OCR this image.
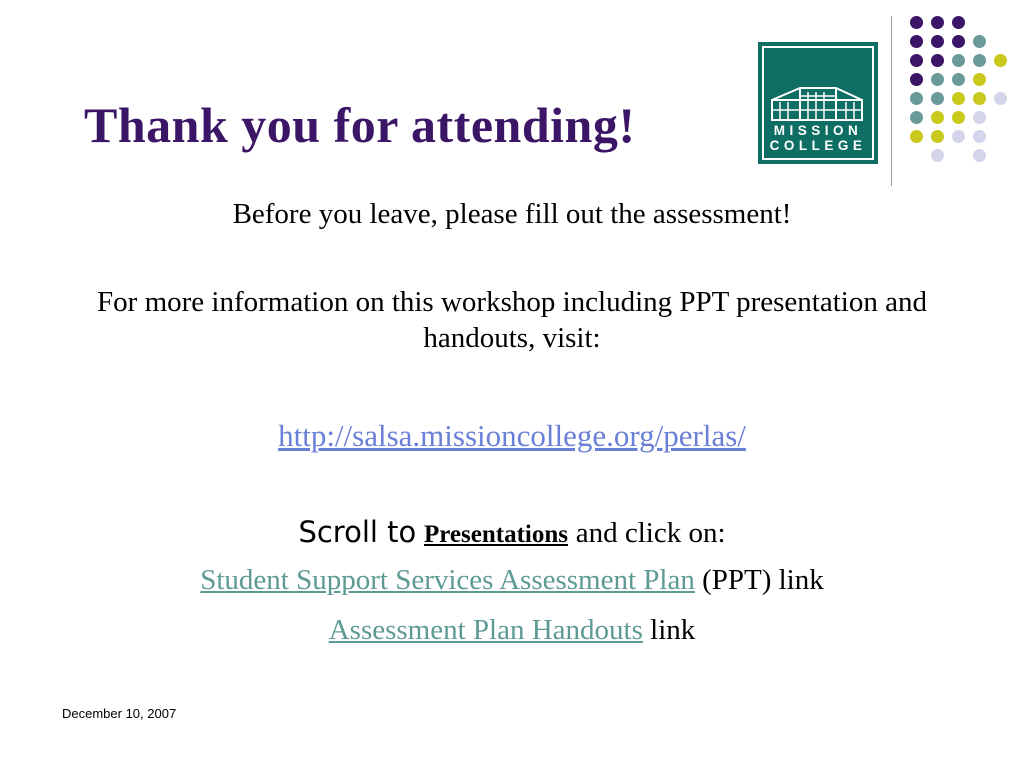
Thank you for attending!	MISSION
COLLEGE

Before you leave, please fill out the assessment!

For more information on this workshop including PPT presentation and handouts, visit:

http://salsa.missioncollege.org/perlas/

Scroll to Presentations and click on:

Student Support Services Assessment Plan (PPT) link

Assessment Plan Handouts link

December 10, 2007
